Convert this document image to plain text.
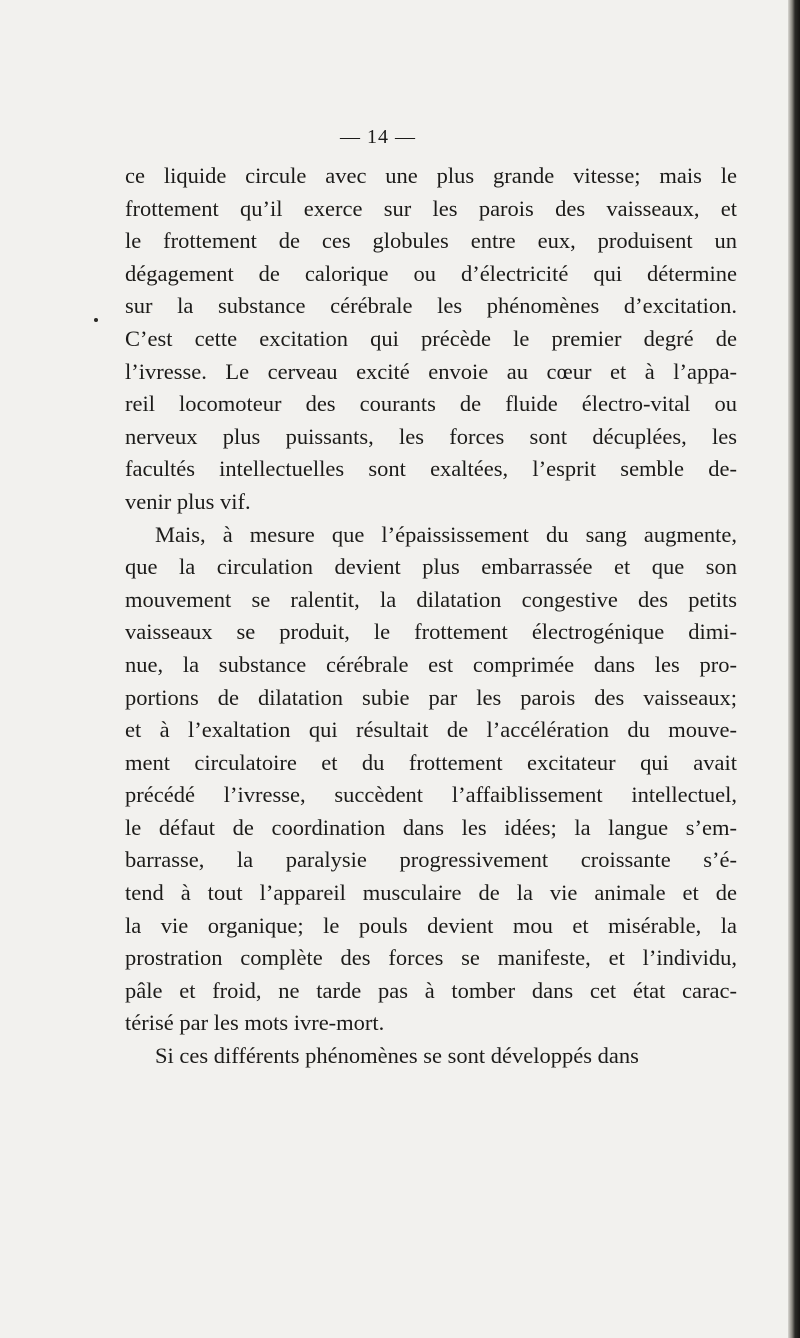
— 14 —
ce liquide circule avec une plus grande vitesse; mais le
frottement qu’il exerce sur les parois des vaisseaux, et
le frottement de ces globules entre eux, produisent un
dégagement de calorique ou d’électricité qui détermine
sur la substance cérébrale les phénomènes d’excitation.
C’est cette excitation qui précède le premier degré de
l’ivresse. Le cerveau excité envoie au cœur et à l’appa-
reil locomoteur des courants de fluide électro-vital ou
nerveux plus puissants, les forces sont décuplées, les
facultés intellectuelles sont exaltées, l’esprit semble de-
venir plus vif.
Mais, à mesure que l’épaississement du sang augmente,
que la circulation devient plus embarrassée et que son
mouvement se ralentit, la dilatation congestive des petits
vaisseaux se produit, le frottement électrogénique dimi-
nue, la substance cérébrale est comprimée dans les pro-
portions de dilatation subie par les parois des vaisseaux;
et à l’exaltation qui résultait de l’accélération du mouve-
ment circulatoire et du frottement excitateur qui avait
précédé l’ivresse, succèdent l’affaiblissement intellectuel,
le défaut de coordination dans les idées; la langue s’em-
barrasse, la paralysie progressivement croissante s’é-
tend à tout l’appareil musculaire de la vie animale et de
la vie organique; le pouls devient mou et misérable, la
prostration complète des forces se manifeste, et l’individu,
pâle et froid, ne tarde pas à tomber dans cet état carac-
térisé par les mots ivre-mort.
Si ces différents phénomènes se sont développés dans
